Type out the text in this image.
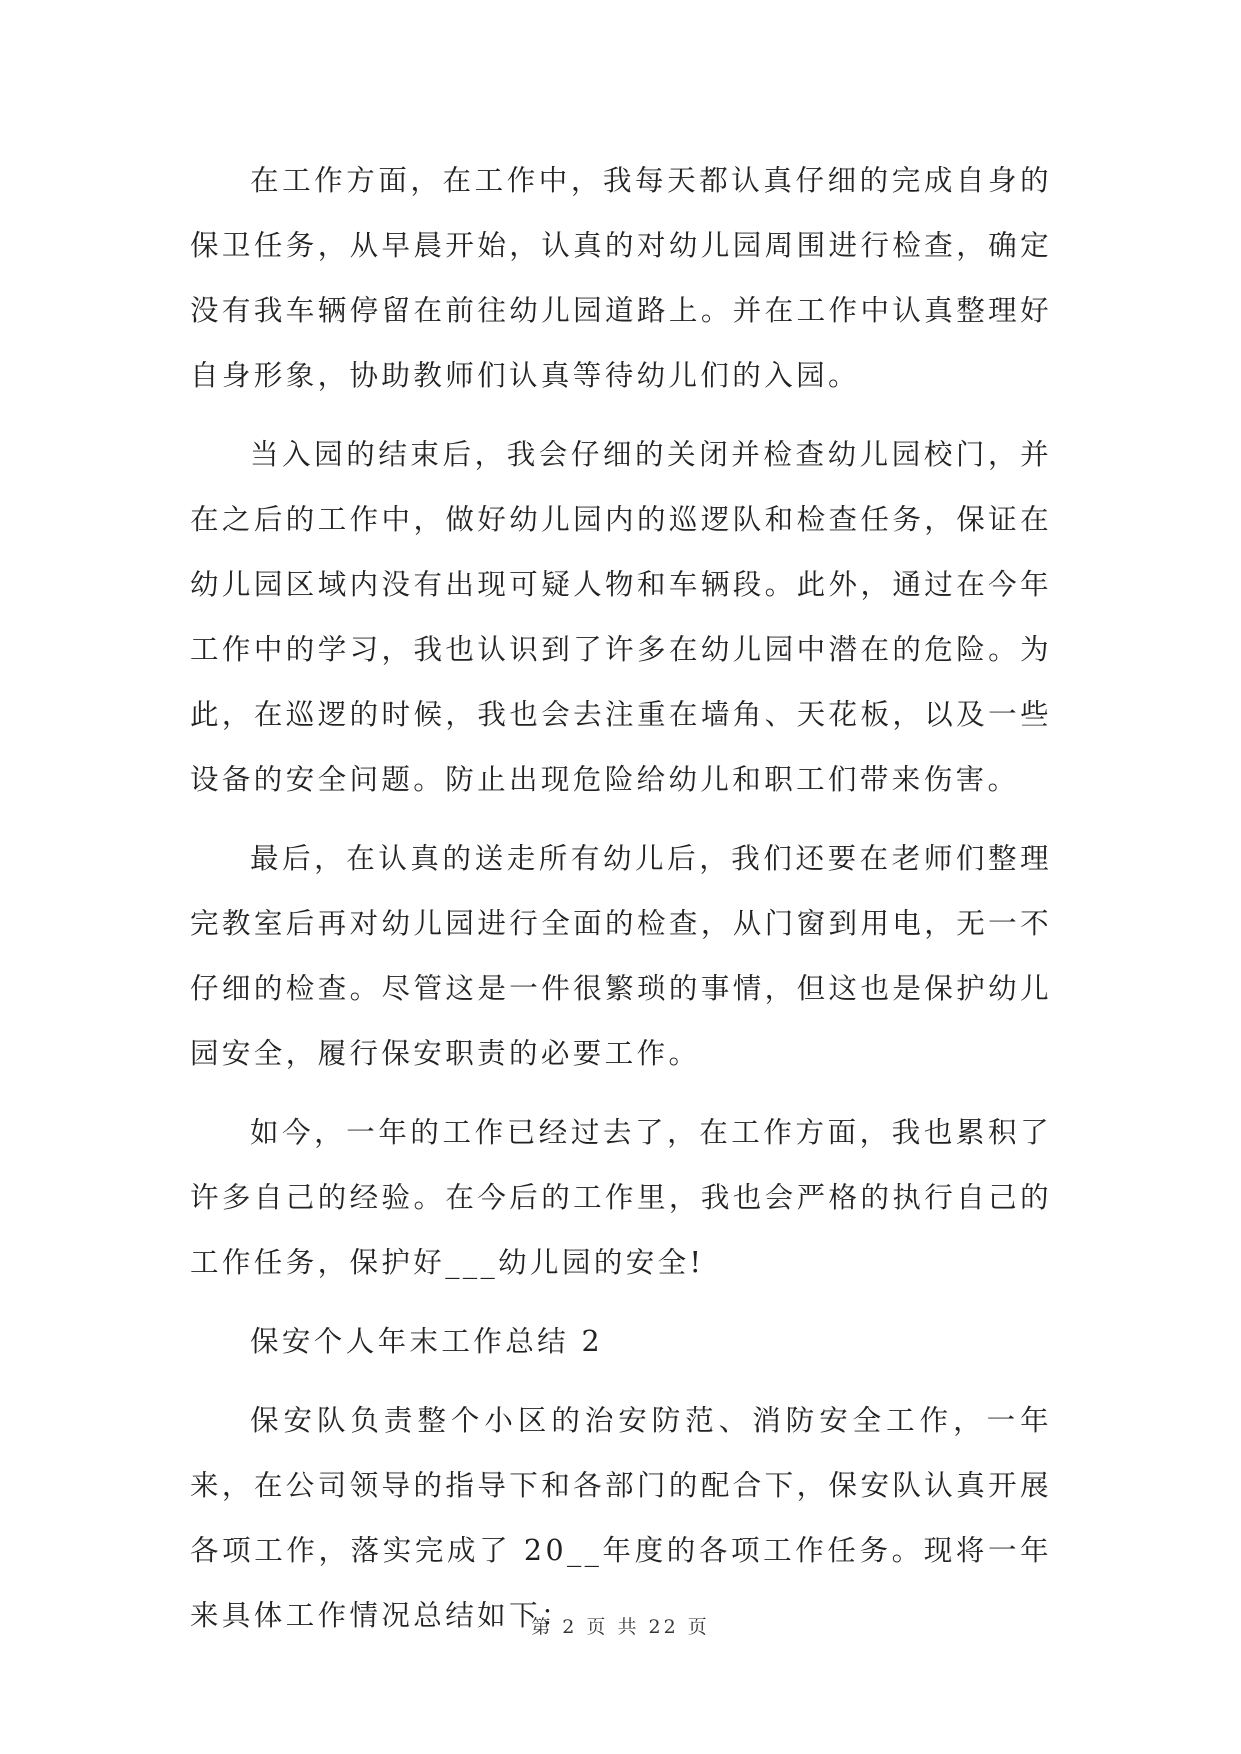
在工作方面，在工作中，我每天都认真仔细的完成自身的保卫任务，从早晨开始，认真的对幼儿园周围进行检查，确定没有我车辆停留在前往幼儿园道路上。并在工作中认真整理好自身形象，协助教师们认真等待幼儿们的入园。

当入园的结束后，我会仔细的关闭并检查幼儿园校门，并在之后的工作中，做好幼儿园内的巡逻队和检查任务，保证在幼儿园区域内没有出现可疑人物和车辆段。此外，通过在今年工作中的学习，我也认识到了许多在幼儿园中潜在的危险。为此，在巡逻的时候，我也会去注重在墙角、天花板，以及一些设备的安全问题。防止出现危险给幼儿和职工们带来伤害。

最后，在认真的送走所有幼儿后，我们还要在老师们整理完教室后再对幼儿园进行全面的检查，从门窗到用电，无一不仔细的检查。尽管这是一件很繁琐的事情，但这也是保护幼儿园安全，履行保安职责的必要工作。

如今，一年的工作已经过去了，在工作方面，我也累积了许多自己的经验。在今后的工作里，我也会严格的执行自己的工作任务，保护好___幼儿园的安全!

保安个人年末工作总结 2

保安队负责整个小区的治安防范、消防安全工作，一年来，在公司领导的指导下和各部门的配合下，保安队认真开展各项工作，落实完成了 20__年度的各项工作任务。现将一年来具体工作情况总结如下：

第 2 页 共 22 页
